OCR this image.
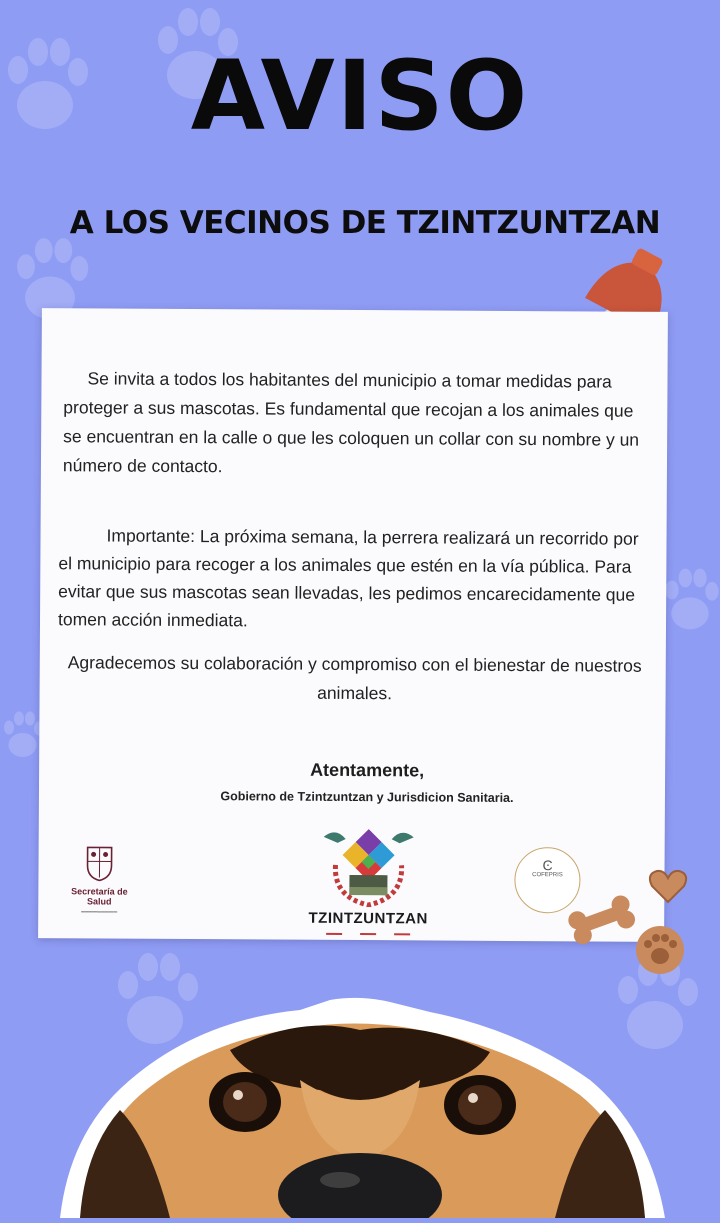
AVISO
A LOS VECINOS DE TZINTZUNTZAN

Se invita a todos los habitantes del municipio a tomar medidas para proteger a sus mascotas. Es fundamental que recojan a los animales que se encuentran en la calle o que les coloquen un collar con su nombre y un número de contacto.

Importante: La próxima semana, la perrera realizará un recorrido por el municipio para recoger a los animales que estén en la vía pública. Para evitar que sus mascotas sean llevadas, les pedimos encarecidamente que tomen acción inmediata.

Agradecemos su colaboración y compromiso con el bienestar de nuestros animales.

Atentamente,

Gobierno de Tzintzuntzan y Jurisdicion Sanitaria.

Secretaría de Salud
▬▬▬▬▬▬▬▬▬	TZINTZUNTZAN
Ͼ
COFEPRIS
